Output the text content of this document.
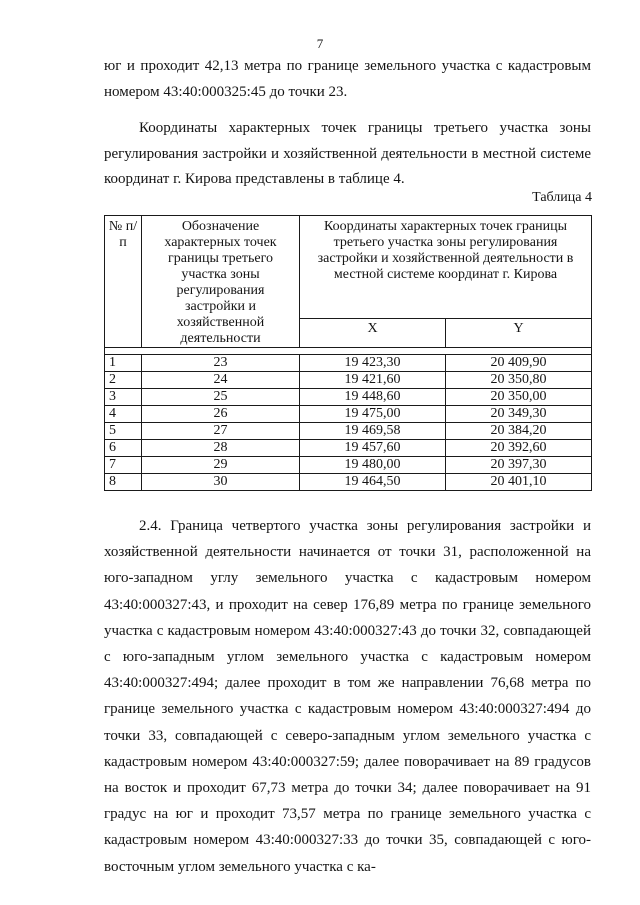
7

юг и проходит 42,13 метра по границе земельного участка с кадастровым номером 43:40:000325:45 до точки 23.

Координаты характерных точек границы третьего участка зоны регулирования застройки и хозяйственной деятельности в местной системе координат г. Кирова представлены в таблице 4.

Таблица 4
№ п/п	Обозначение характерных точек границы третьего участка зоны регулирования застройки и хозяйственной деятельности	Координаты характерных точек границы третьего участка зоны регулирования застройки и хозяйственной деятельности в местной системе координат г. Кирова	
		X	Y

1	23	19 423,30	20 409,90
2	24	19 421,60	20 350,80
3	25	19 448,60	20 350,00
4	26	19 475,00	20 349,30
5	27	19 469,58	20 384,20
6	28	19 457,60	20 392,60
7	29	19 480,00	20 397,30
8	30	19 464,50	20 401,10

2.4. Граница четвертого участка зоны регулирования застройки и хозяйственной деятельности начинается от точки 31, расположенной на юго-западном углу земельного участка с кадастровым номером 43:40:000327:43, и проходит на север 176,89 метра по границе земельного участка с кадастровым номером 43:40:000327:43 до точки 32, совпадающей с юго-западным углом земельного участка с кадастровым номером 43:40:000327:494; далее проходит в том же направлении 76,68 метра по границе земельного участка с кадастровым номером 43:40:000327:494 до точки 33, совпадающей с северо-западным углом земельного участка с кадастровым номером 43:40:000327:59; далее поворачивает на 89 градусов на восток и проходит 67,73 метра до точки 34; далее поворачивает на 91 градус на юг и проходит 73,57 метра по границе земельного участка с кадастровым номером 43:40:000327:33 до точки 35, совпадающей с юго-восточным углом земельного участка с ка-
